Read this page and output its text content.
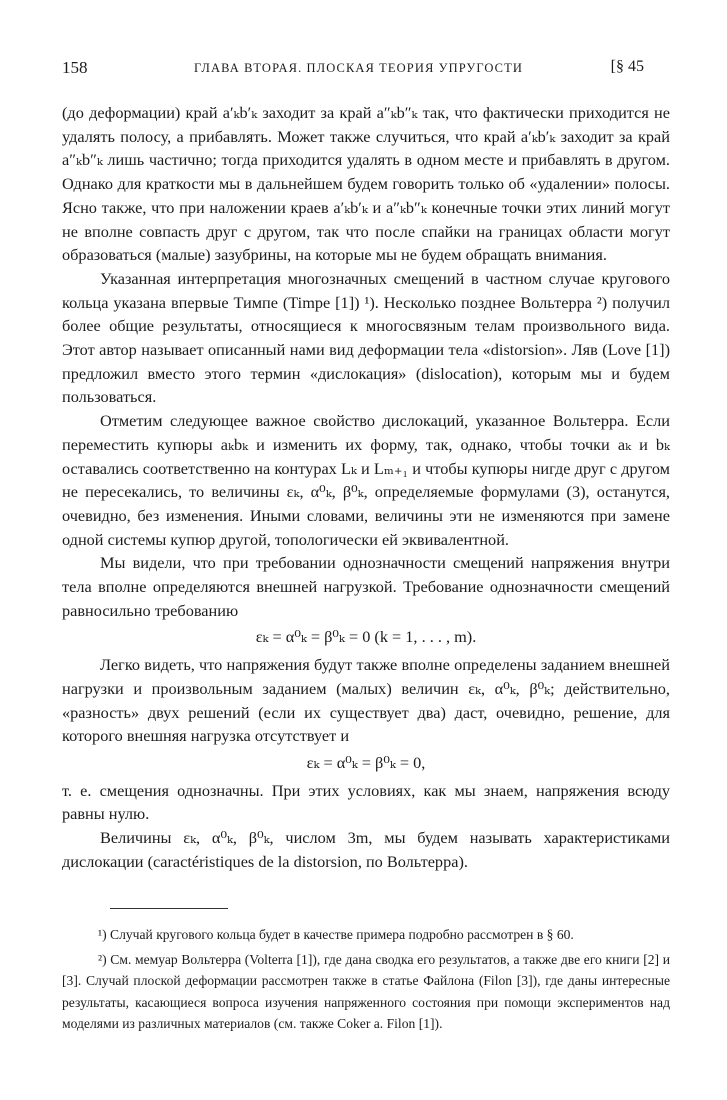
158	ГЛАВА ВТОРАЯ. ПЛОСКАЯ ТЕОРИЯ УПРУГОСТИ	[§ 45

(до деформации) край a′ₖb′ₖ заходит за край a″ₖb″ₖ так, что фактически приходится не удалять полосу, а прибавлять. Может также случиться, что край a′ₖb′ₖ заходит за край a″ₖb″ₖ лишь частично; тогда приходится удалять в одном месте и прибавлять в другом. Однако для краткости мы в дальнейшем будем говорить только об «удалении» полосы. Ясно также, что при наложении краев a′ₖb′ₖ и a″ₖb″ₖ конечные точки этих линий могут не вполне совпасть друг с другом, так что после спайки на границах области могут образоваться (малые) зазубрины, на которые мы не будем обращать внимания.

Указанная интерпретация многозначных смещений в частном случае кругового кольца указана впервые Тимпе (Timpe [1]) ¹). Несколько позднее Вольтерра ²) получил более общие результаты, относящиеся к многосвязным телам произвольного вида. Этот автор называет описанный нами вид деформации тела «distorsion». Ляв (Love [1]) предложил вместо этого термин «дислокация» (dislocation), которым мы и будем пользоваться.

Отметим следующее важное свойство дислокаций, указанное Вольтерра. Если переместить купюры aₖbₖ и изменить их форму, так, однако, чтобы точки aₖ и bₖ оставались соответственно на контурах Lₖ и Lₘ₊₁ и чтобы купюры нигде друг с другом не пересекались, то величины εₖ, α⁰ₖ, β⁰ₖ, определяемые формулами (3), останутся, очевидно, без изменения. Иными словами, величины эти не изменяются при замене одной системы купюр другой, топологически ей эквивалентной.

Мы видели, что при требовании однозначности смещений напряжения внутри тела вполне определяются внешней нагрузкой. Требование однозначности смещений равносильно требованию

εₖ = α⁰ₖ = β⁰ₖ = 0 (k = 1, . . . , m).

Легко видеть, что напряжения будут также вполне определены заданием внешней нагрузки и произвольным заданием (малых) величин εₖ, α⁰ₖ, β⁰ₖ; действительно, «разность» двух решений (если их существует два) даст, очевидно, решение, для которого внешняя нагрузка отсутствует и

εₖ = α⁰ₖ = β⁰ₖ = 0,

т. е. смещения однозначны. При этих условиях, как мы знаем, напряжения всюду равны нулю.

Величины εₖ, α⁰ₖ, β⁰ₖ, числом 3m, мы будем называть характеристиками дислокации (caractéristiques de la distorsion, по Вольтерра).

¹) Случай кругового кольца будет в качестве примера подробно рассмотрен в § 60.

²) См. мемуар Вольтерра (Volterra [1]), где дана сводка его результатов, а также две его книги [2] и [3]. Случай плоской деформации рассмотрен также в статье Файлона (Filon [3]), где даны интересные результаты, касающиеся вопроса изучения напряженного состояния при помощи экспериментов над моделями из различных материалов (см. также Coker a. Filon [1]).
